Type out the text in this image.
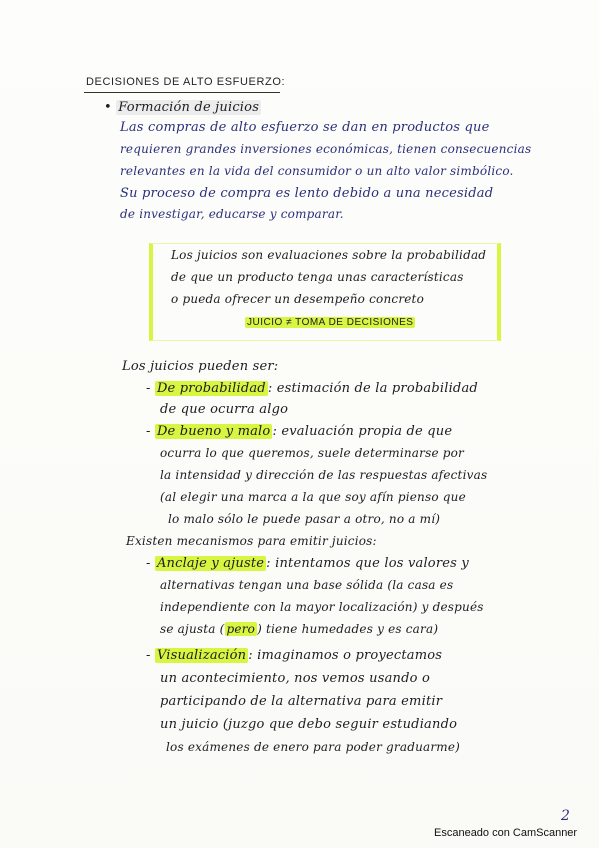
DECISIONES DE ALTO ESFUERZO:
• Formación de juicios
Las compras de alto esfuerzo se dan en productos que
requieren grandes inversiones económicas, tienen consecuencias
relevantes en la vida del consumidor o un alto valor simbólico.
Su proceso de compra es lento debido a una necesidad
de investigar, educarse y comparar.
Los juicios son evaluaciones sobre la probabilidad
de que un producto tenga unas características
o pueda ofrecer un desempeño concreto
JUICIO ≠ TOMA DE DECISIONES
Los juicios pueden ser:
- De probabilidad : estimación de la probabilidad
de que ocurra algo
- De bueno y malo : evaluación propia de que
ocurra lo que queremos, suele determinarse por
la intensidad y dirección de las respuestas afectivas
(al elegir una marca a la que soy afín pienso que
lo malo sólo le puede pasar a otro, no a mí)
Existen mecanismos para emitir juicios:
- Anclaje y ajuste : intentamos que los valores y
alternativas tengan una base sólida (la casa es
independiente con la mayor localización) y después
se ajusta ( pero ) tiene humedades y es cara)
- Visualización : imaginamos o proyectamos
un acontecimiento, nos vemos usando o
participando de la alternativa para emitir
un juicio (juzgo que debo seguir estudiando
los exámenes de enero para poder graduarme)
2
Escaneado con CamScanner
